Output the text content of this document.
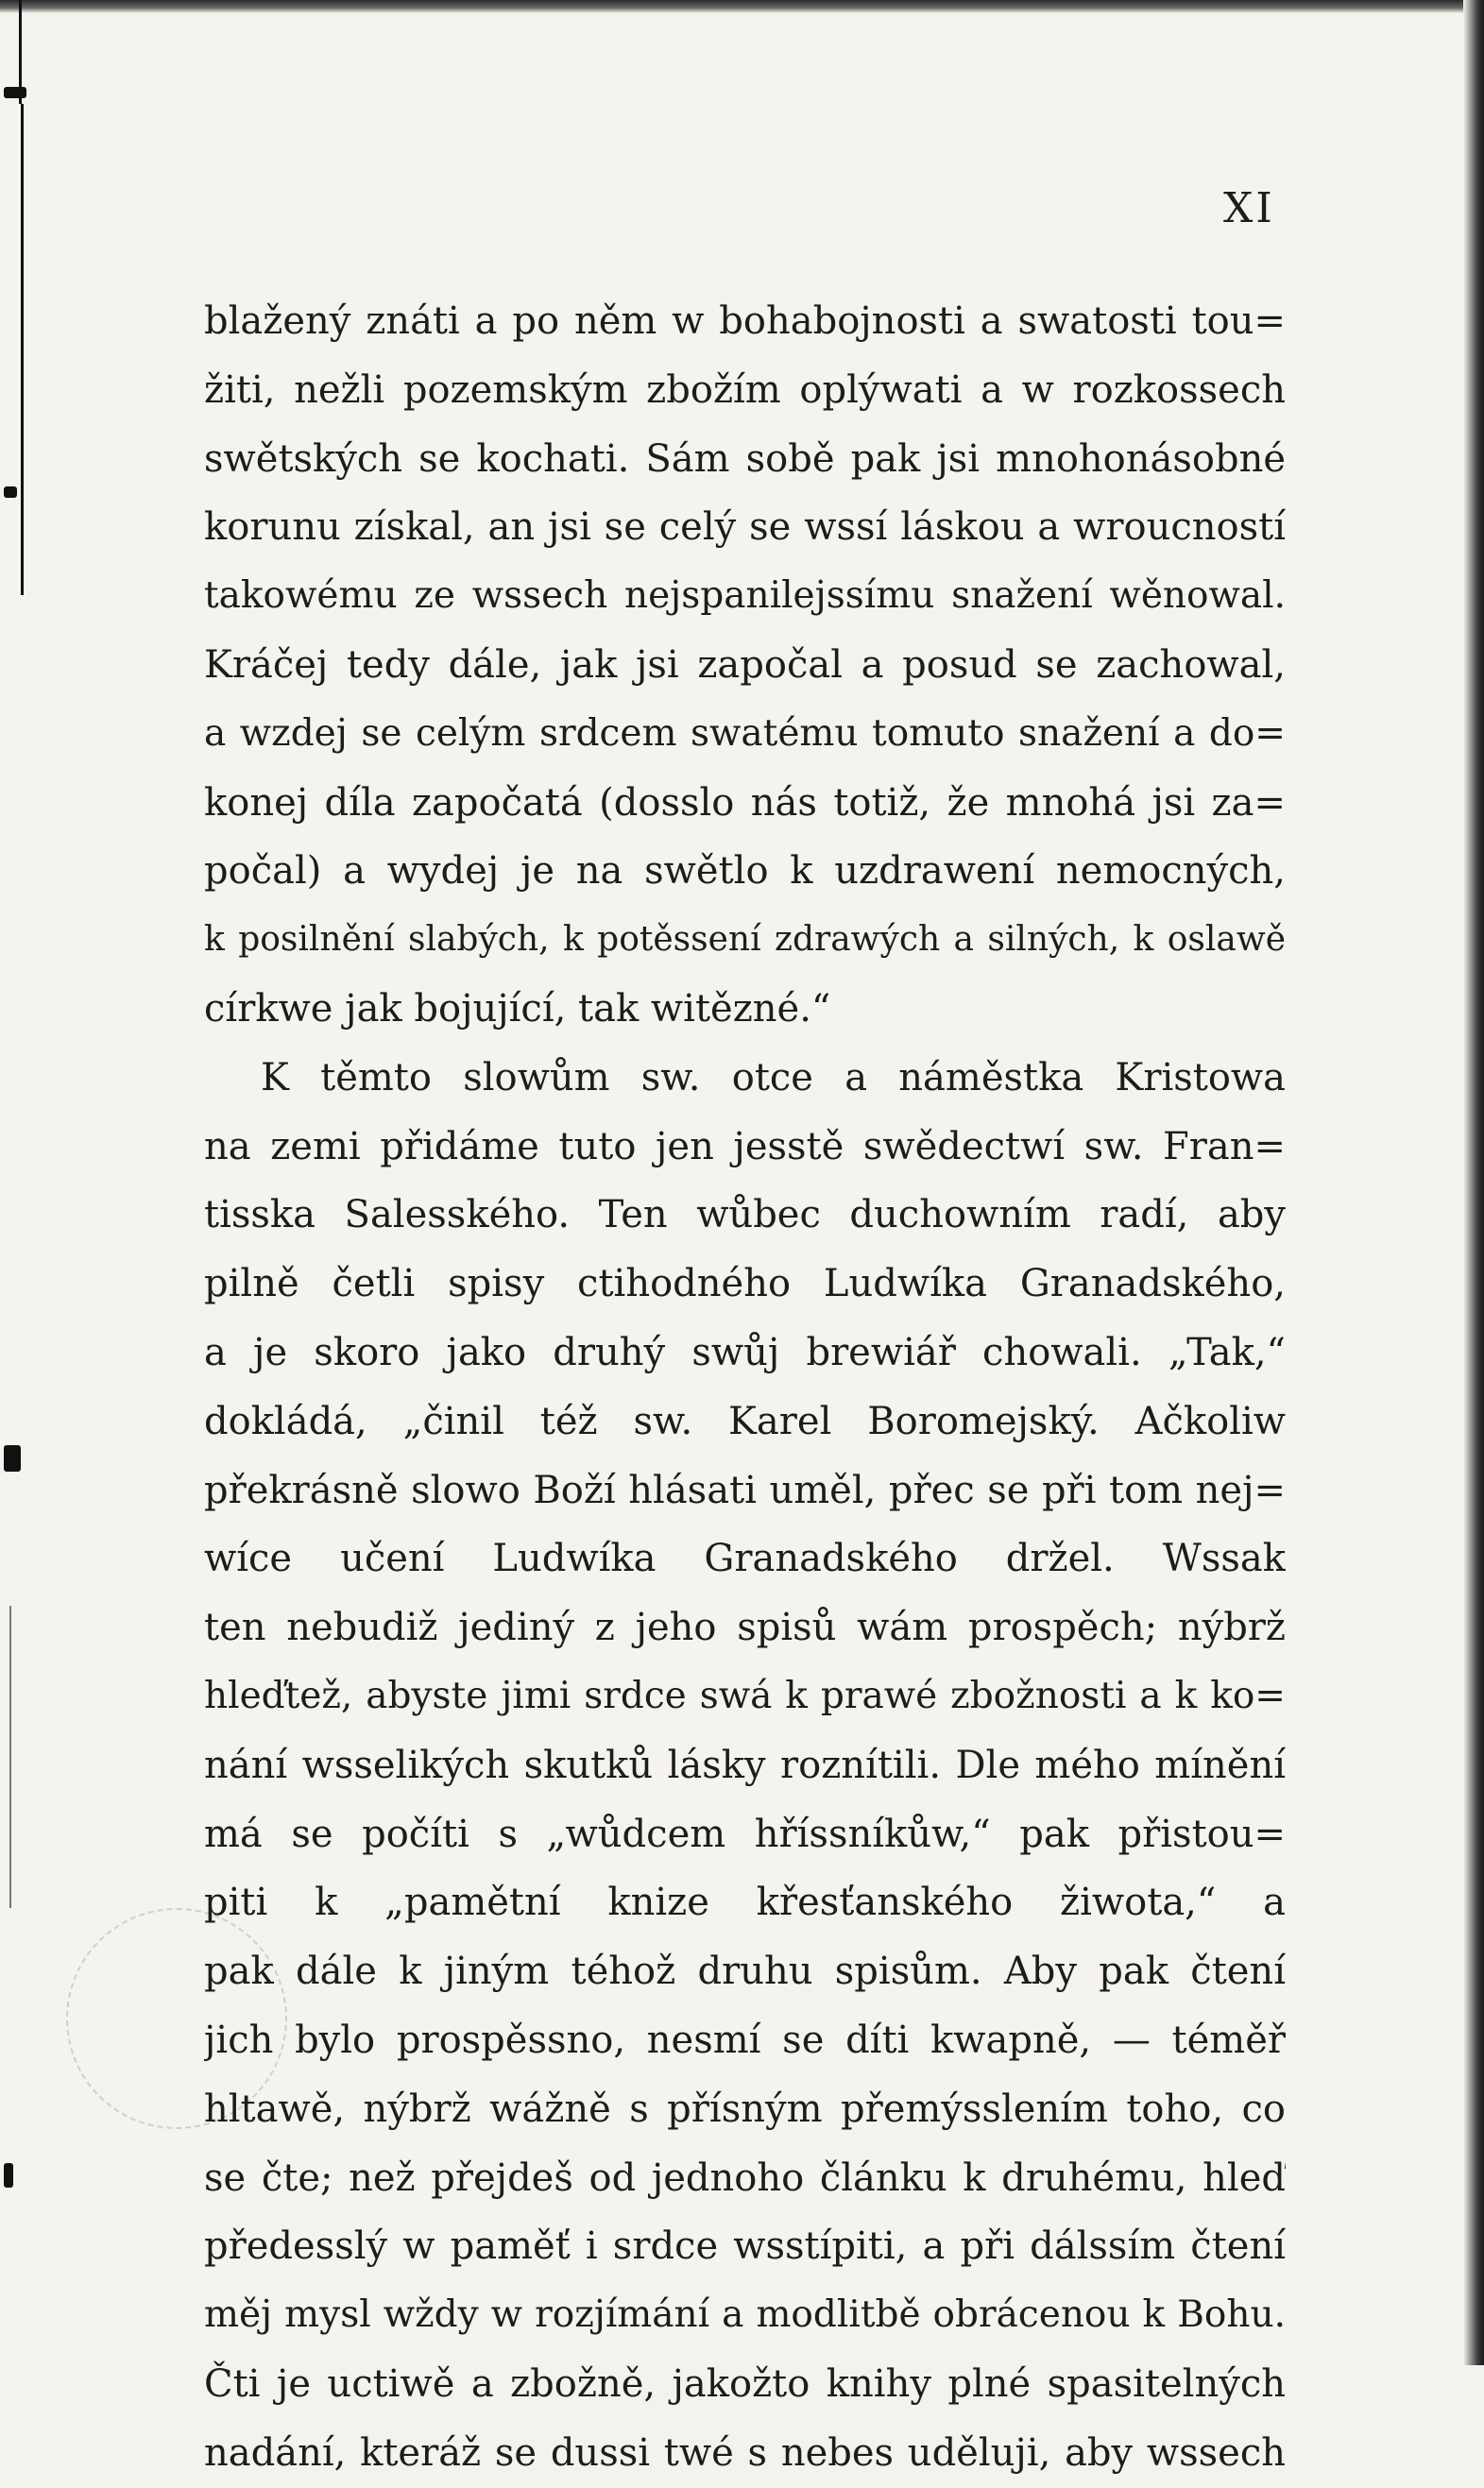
XI
blažený znáti a po něm w bohabojnosti a swatosti tou=
žiti, nežli pozemským zbožím oplýwati a w rozkossech
swětských se kochati. Sám sobě pak jsi mnohonásobné
korunu získal, an jsi se celý se wssí láskou a wroucností
takowému ze wssech nejspanilejssímu snažení wěnowal.
Kráčej tedy dále, jak jsi započal a posud se zachowal,
a wzdej se celým srdcem swatému tomuto snažení a do=
konej díla započatá (dosslo nás totiž, že mnohá jsi za=
počal) a wydej je na swětlo k uzdrawení nemocných,
k posilnění slabých, k potěssení zdrawých a silných, k oslawě
církwe jak bojující, tak witězné.“
K těmto slowům sw. otce a náměstka Kristowa
na zemi přidáme tuto jen jesstě swědectwí sw. Fran=
tisska Salesského. Ten wůbec duchowním radí, aby
pilně četli spisy ctihodného Ludwíka Granadského,
a je skoro jako druhý swůj brewiář chowali. „Tak,“
dokládá, „činil též sw. Karel Boromejský. Ačkoliw
překrásně slowo Boží hlásati uměl, přec se při tom nej=
wíce učení Ludwíka Granadského držel. Wssak
ten nebudiž jediný z jeho spisů wám prospěch; nýbrž
hleďtež, abyste jimi srdce swá k prawé zbožnosti a k ko=
nání wsselikých skutků lásky roznítili. Dle mého mínění
má se počíti s „wůdcem hříssníkůw,“ pak přistou=
piti k „pamětní knize křesťanského žiwota,“ a
pak dále k jiným téhož druhu spisům. Aby pak čtení
jich bylo prospěssno, nesmí se díti kwapně, — téměř
hltawě, nýbrž wážně s přísným přemýsslením toho, co
se čte; než přejdeš od jednoho článku k druhému, hleď
předesslý w paměť i srdce wsstípiti, a při dálssím čtení
měj mysl wždy w rozjímání a modlitbě obrácenou k Bohu.
Čti je uctiwě a zbožně, jakožto knihy plné spasitelných
nadání, kteráž se dussi twé s nebes uděluji, aby wssech
